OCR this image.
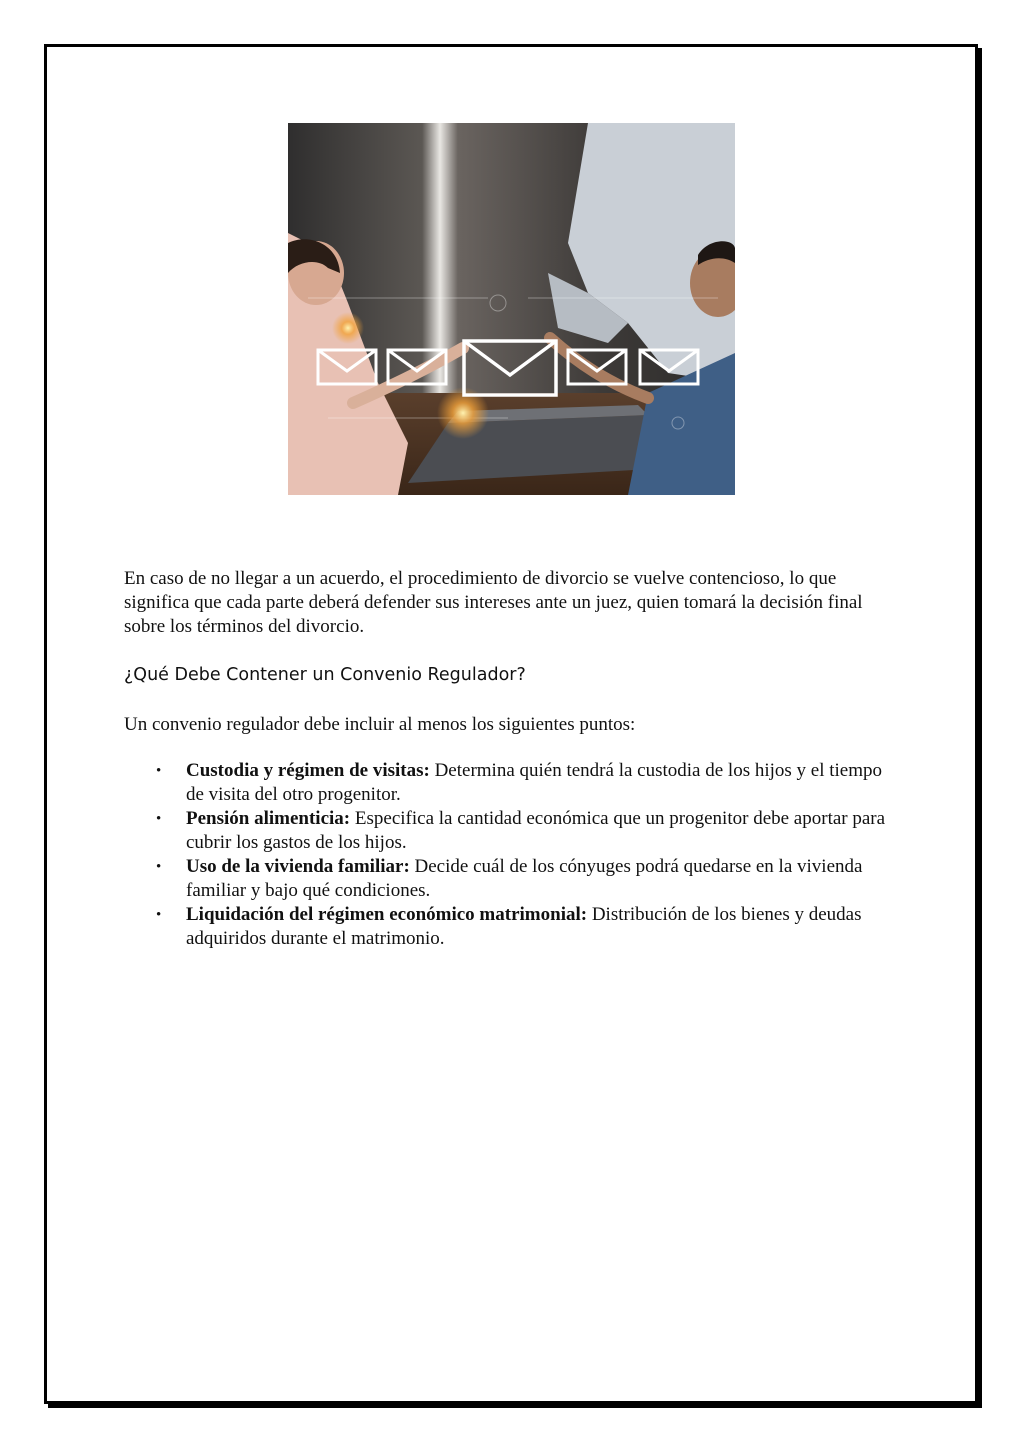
En caso de no llegar a un acuerdo, el procedimiento de divorcio se vuelve contencioso, lo que significa que cada parte deberá defender sus intereses ante un juez, quien tomará la decisión final sobre los términos del divorcio.

¿Qué Debe Contener un Convenio Regulador?

Un convenio regulador debe incluir al menos los siguientes puntos:

• Custodia y régimen de visitas: Determina quién tendrá la custodia de los hijos y el tiempo de visita del otro progenitor.
• Pensión alimenticia: Especifica la cantidad económica que un progenitor debe aportar para cubrir los gastos de los hijos.
• Uso de la vivienda familiar: Decide cuál de los cónyuges podrá quedarse en la vivienda familiar y bajo qué condiciones.
• Liquidación del régimen económico matrimonial: Distribución de los bienes y deudas adquiridos durante el matrimonio.
